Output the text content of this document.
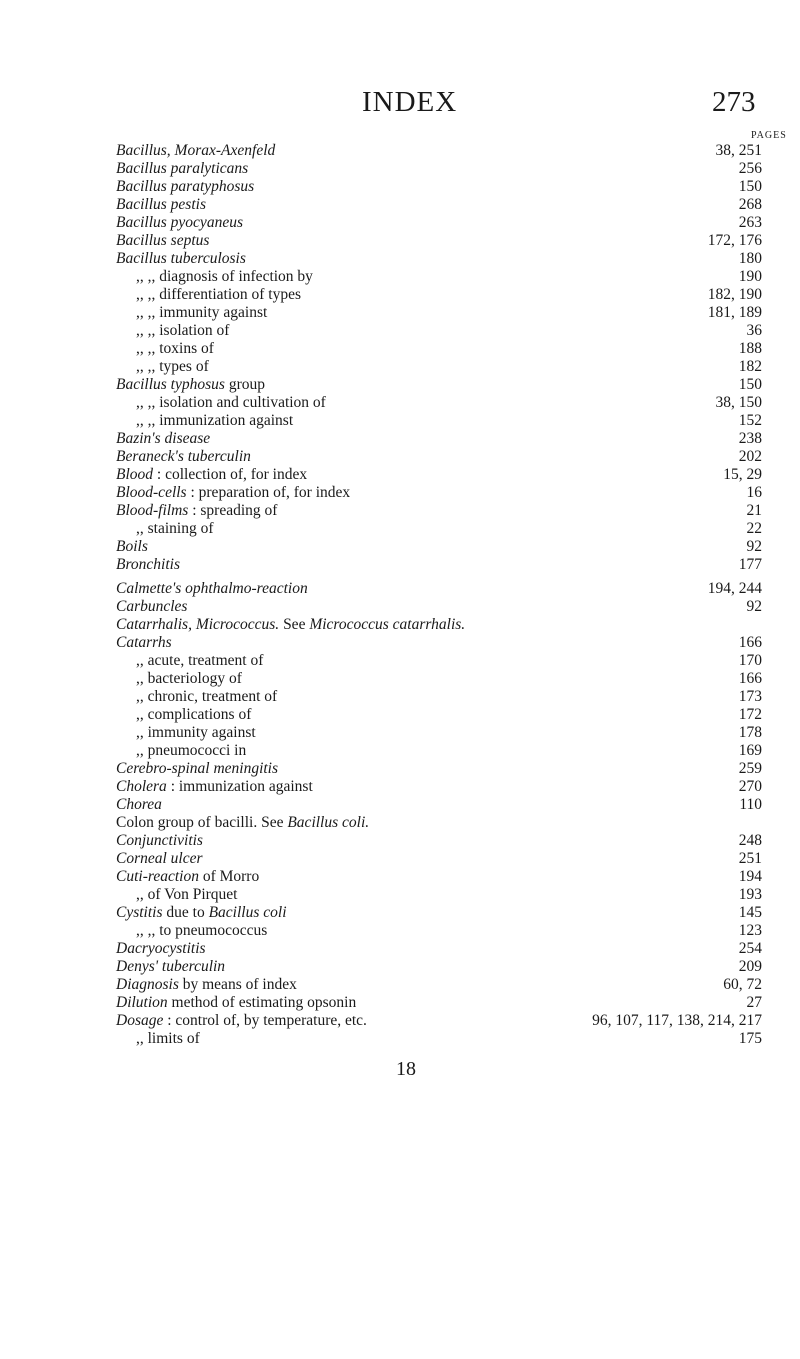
INDEX	273
PAGES
Bacillus, Morax-Axenfeld	38, 251
Bacillus paralyticans	256
Bacillus paratyphosus	150
Bacillus pestis	268
Bacillus pyocyaneus	263
Bacillus septus	172, 176
Bacillus tuberculosis	180
,, ,, diagnosis of infection by	190
,, ,, differentiation of types	182, 190
,, ,, immunity against	181, 189
,, ,, isolation of	36
,, ,, toxins of	188
,, ,, types of	182
Bacillus typhosus group	150
,, ,, isolation and cultivation of	38, 150
,, ,, immunization against	152
Bazin's disease	238
Beraneck's tuberculin	202
Blood : collection of, for index	15, 29
Blood-cells : preparation of, for index	16
Blood-films : spreading of	21
,, staining of	22
Boils	92
Bronchitis	177
Calmette's ophthalmo-reaction	194, 244
Carbuncles	92
Catarrhalis, Micrococcus. See Micrococcus catarrhalis.
Catarrhs	166
,, acute, treatment of	170
,, bacteriology of	166
,, chronic, treatment of	173
,, complications of	172
,, immunity against	178
,, pneumococci in	169
Cerebro-spinal meningitis	259
Cholera : immunization against	270
Chorea	110
Colon group of bacilli. See Bacillus coli.
Conjunctivitis	248
Corneal ulcer	251
Cuti-reaction of Morro	194
,, of Von Pirquet	193
Cystitis due to Bacillus coli	145
,, ,, to pneumococcus	123
Dacryocystitis	254
Denys' tuberculin	209
Diagnosis by means of index	60, 72
Dilution method of estimating opsonin	27
Dosage : control of, by temperature, etc.	96, 107, 117, 138, 214, 217
,, limits of	175
18
